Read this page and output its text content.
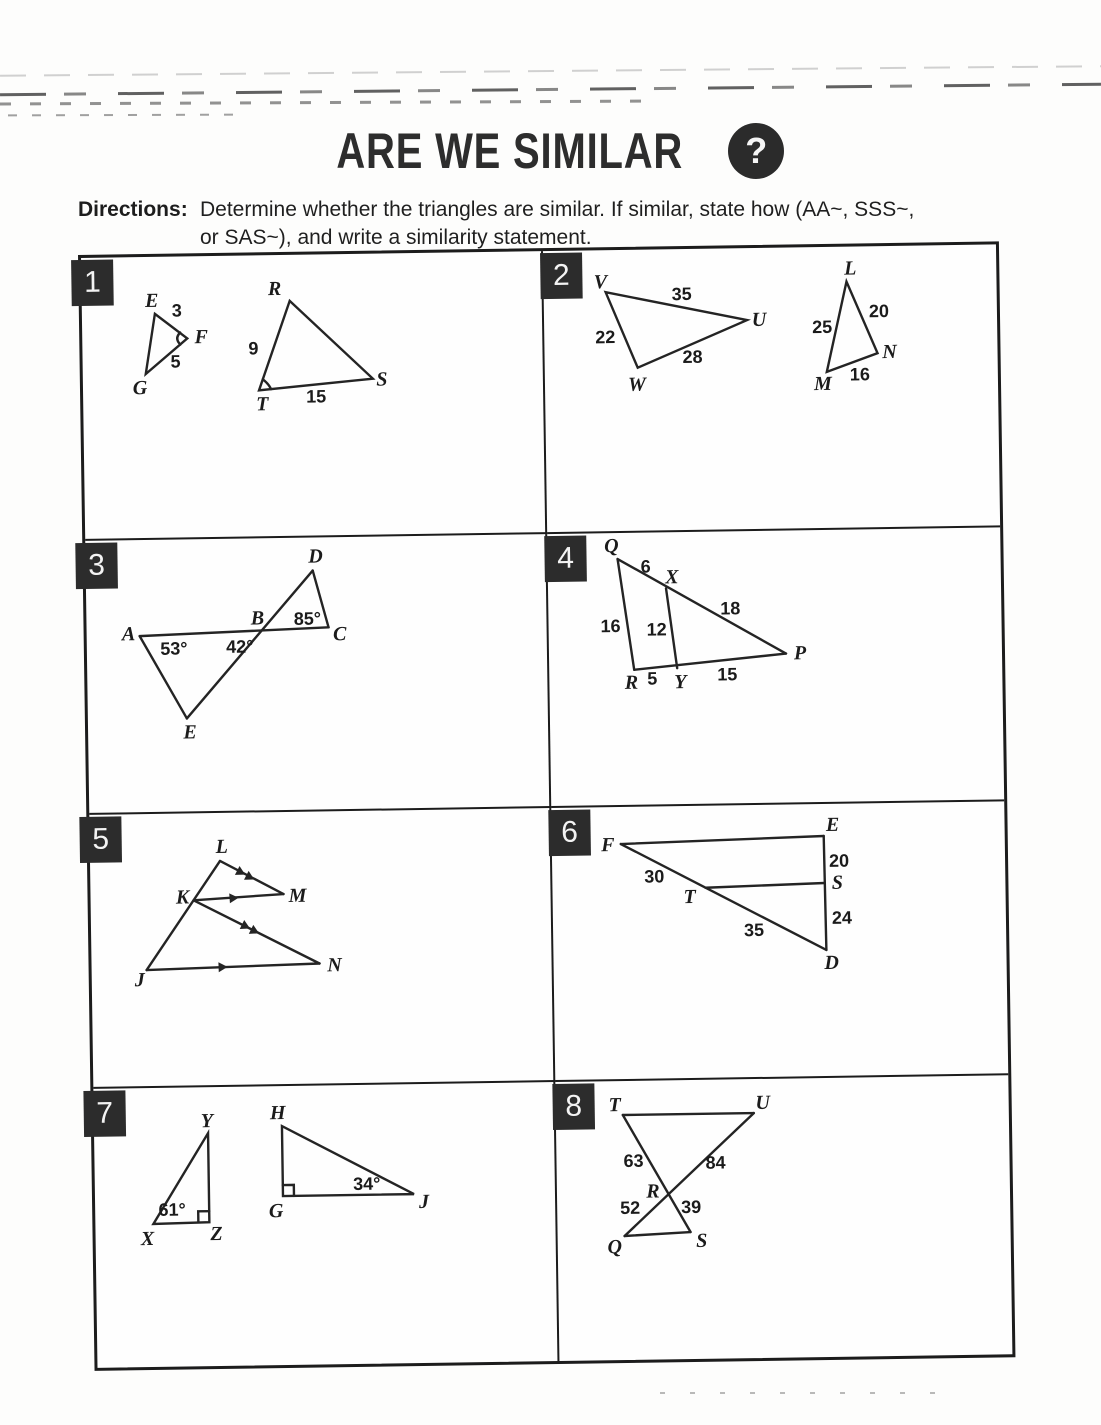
ARE WE SIMILAR ?
Directions: Determine whether the triangles are similar. If similar, state how (AA~, SSS~,
or SAS~), and write a similarity statement.
1
E 3
F
5
G
R
9
T 15
S
2 V
35
U
22
28
W
L
25
20
N
M 16
3
A
B
C
D
E
53° 42°
85°
4 Q
6 X
18
16 12
P
R 5 Y 15
5	L
K	M
N
J
6 F
E
20
S
30
T
35
24
D
7	Y
61°
X	Z
H
34°
G	J
8 T	U
63	84
R
52 39
Q	S
